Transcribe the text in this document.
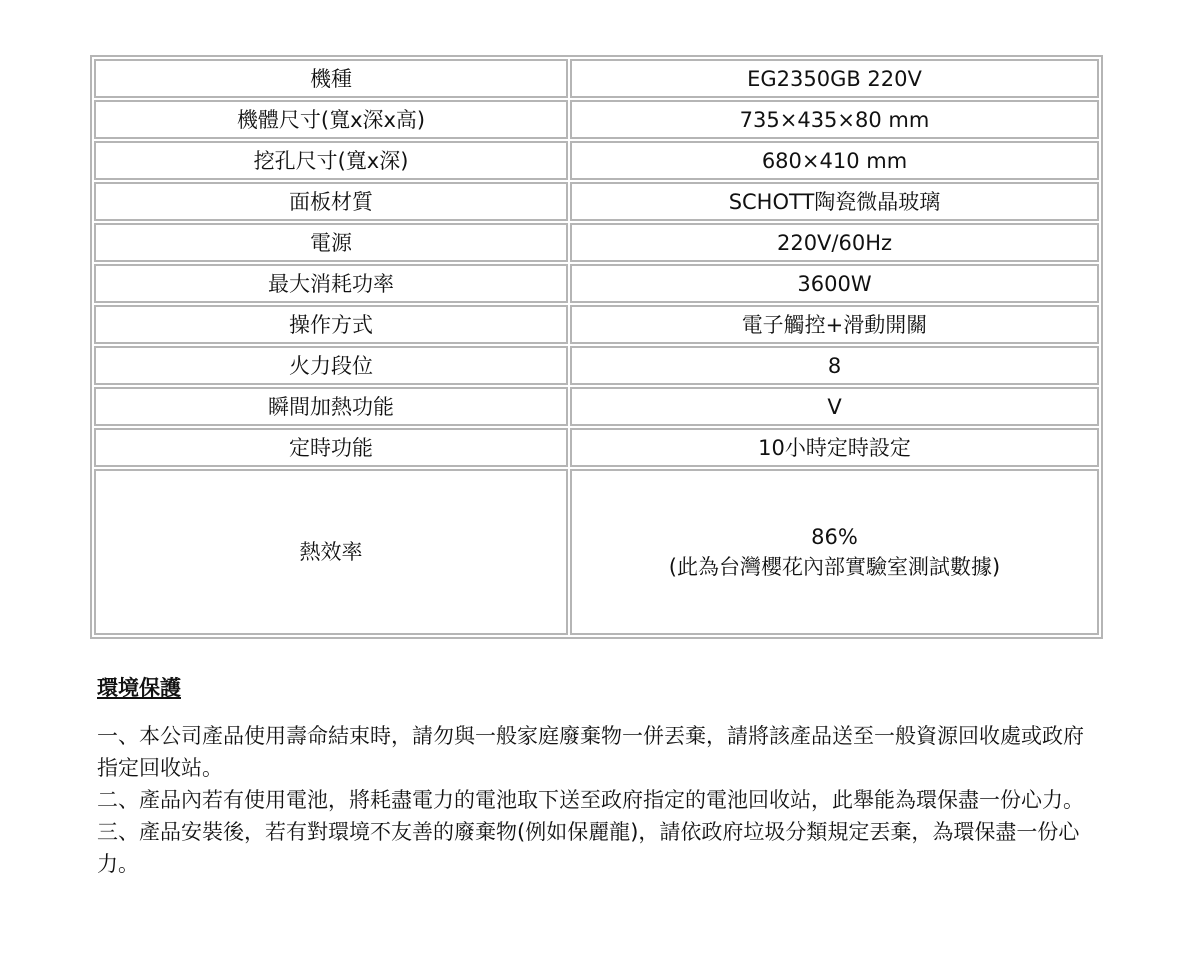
機種	EG2350GB 220V
機體尺寸(寬x深x高)	735×435×80 mm
挖孔尺寸(寬x深)	680×410 mm
面板材質	SCHOTT陶瓷微晶玻璃
電源	220V/60Hz
最大消耗功率	3600W
操作方式	電子觸控+滑動開關
火力段位	8
瞬間加熱功能	V
定時功能	10小時定時設定
熱效率	86%
(此為台灣櫻花內部實驗室測試數據)
環境保護

一、本公司產品使用壽命結束時，請勿與一般家庭廢棄物一併丟棄，請將該產品送至一般資源回收處或政府指定回收站。

二、產品內若有使用電池，將耗盡電力的電池取下送至政府指定的電池回收站，此舉能為環保盡一份心力。

三、產品安裝後，若有對環境不友善的廢棄物(例如保麗龍)，請依政府垃圾分類規定丟棄，為環保盡一份心力。
